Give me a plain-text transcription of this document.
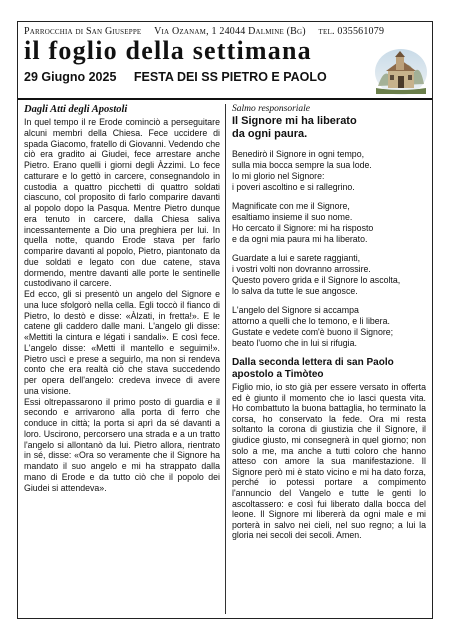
Parrocchia di San Giuseppe Via Ozanam, 1 24044 Dalmine (Bg) tel. 035561079
il foglio della settimana
29 Giugno 2025 FESTA DEI SS PIETRO E PAOLO
Dagli Atti degli Apostoli

In quel tempo il re Erode cominciò a perseguitare alcuni membri della Chiesa. Fece uccidere di spada Giacomo, fratello di Giovanni. Vedendo che ciò era gradito ai Giudei, fece arrestare anche Pietro. Erano quelli i giorni degli Àzzimi. Lo fece catturare e lo gettò in carcere, consegnandolo in custodia a quattro picchetti di quattro soldati ciascuno, col proposito di farlo comparire davanti al popolo dopo la Pasqua. Mentre Pietro dunque era tenuto in carcere, dalla Chiesa saliva incessantemente a Dio una preghiera per lui. In quella notte, quando Erode stava per farlo comparire davanti al popolo, Pietro, piantonato da due soldati e legato con due catene, stava dormendo, mentre davanti alle porte le sentinelle custodivano il carcere.

Ed ecco, gli si presentò un angelo del Signore e una luce sfolgorò nella cella. Egli toccò il fianco di Pietro, lo destò e disse: «Àlzati, in fretta!». E le catene gli caddero dalle mani. L'angelo gli disse: «Mettiti la cintura e légati i sandali». E così fece. L'angelo disse: «Metti il mantello e seguimi!». Pietro uscì e prese a seguirlo, ma non si rendeva conto che era realtà ciò che stava succedendo per opera dell'angelo: credeva invece di avere una visione.

Essi oltrepassarono il primo posto di guardia e il secondo e arrivarono alla porta di ferro che conduce in città; la porta si aprì da sé davanti a loro. Uscirono, percorsero una strada e a un tratto l'angelo si allontanò da lui. Pietro allora, rientrato in sé, disse: «Ora so veramente che il Signore ha mandato il suo angelo e mi ha strappato dalla mano di Erode e da tutto ciò che il popolo dei Giudei si attendeva».

Salmo responsoriale
Il Signore mi ha liberato
da ogni paura.
Benedirò il Signore in ogni tempo,
sulla mia bocca sempre la sua lode.
Io mi glorio nel Signore:
i poveri ascoltino e si rallegrino.
Magnificate con me il Signore,
esaltiamo insieme il suo nome.
Ho cercato il Signore: mi ha risposto
e da ogni mia paura mi ha liberato.
Guardate a lui e sarete raggianti,
i vostri volti non dovranno arrossire.
Questo povero grida e il Signore lo ascolta,
lo salva da tutte le sue angosce.
L'angelo del Signore si accampa
attorno a quelli che lo temono, e li libera.
Gustate e vedete com'è buono il Signore;
beato l'uomo che in lui si rifugia.
Dalla seconda lettera di san Paolo apostolo a Timòteo

Figlio mio, io sto già per essere versato in offerta ed è giunto il momento che io lasci questa vita. Ho combattuto la buona battaglia, ho terminato la corsa, ho conservato la fede. Ora mi resta soltanto la corona di giustizia che il Signore, il giudice giusto, mi consegnerà in quel giorno; non solo a me, ma anche a tutti coloro che hanno atteso con amore la sua manifestazione. Il Signore però mi è stato vicino e mi ha dato forza, perché io potessi portare a compimento l'annuncio del Vangelo e tutte le genti lo ascoltassero: e così fui liberato dalla bocca del leone. Il Signore mi libererà da ogni male e mi porterà in salvo nei cieli, nel suo regno; a lui la gloria nei secoli dei secoli. Amen.
